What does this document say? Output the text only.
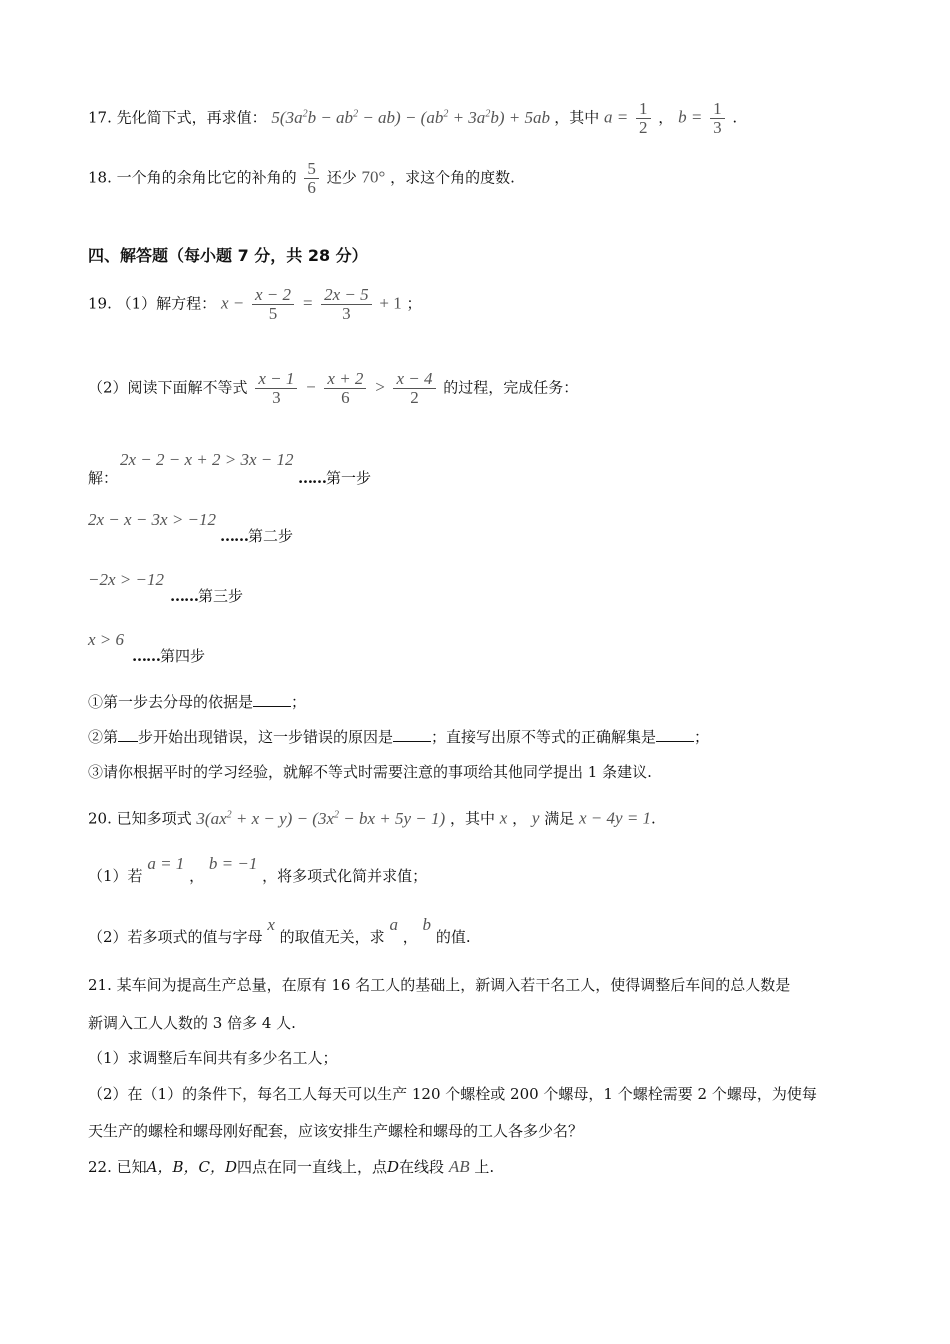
17. 先化简下式，再求值： $5(3a^2b - ab^2 - ab) - (ab^2 + 3a^2b) + 5ab$ ，其中 $a = \frac{1}{2}$ ， $b = \frac{1}{3}$ .
18. 一个角的余角比它的补角的 $\frac{5}{6}$ 还少 70° ，求这个角的度数.
四、解答题（每小题 7 分，共 28 分）
19. （1）解方程： $x - \frac{x - 2}{5} = \frac{2x - 5}{3} + 1$ ；
（2）阅读下面解不等式 $\frac{x - 1}{3} - \frac{x + 2}{6} > \frac{x - 4}{2}$ 的过程，完成任务：
解：
2x − 2 − x + 2 > 3x − 12
……第一步
2x − x − 3x > −12
……第二步
−2x > −12
……第三步
x > 6
……第四步
①第一步去分母的依据是	；
②第 步开始出现错误，这一步错误的原因是	；直接写出原不等式的正确解集是	；
③请你根据平时的学习经验，就解不等式时需要注意的事项给其他同学提出 1 条建议.
20. 已知多项式 $3(ax^2 + x - y) - (3x^2$ − bx + 5y − 1) ，其中 x ， y 满足 x − 4y = 1.
（1）若 a = 1 ， b = −1 ，将多项式化简并求值；
（2）若多项式的值与字母 x 的取值无关，求 a ， b 的值.
21. 某车间为提高生产总量，在原有 16 名工人的基础上，新调入若干名工人，使得调整后车间的总人数是
新调入工人人数的 3 倍多 4 人.
（1）求调整后车间共有多少名工人；
（2）在（1）的条件下，每名工人每天可以生产 120 个螺栓或 200 个螺母，1 个螺栓需要 2 个螺母，为使每
天生产的螺栓和螺母刚好配套，应该安排生产螺栓和螺母的工人各多少名？
22. 已知A，B，C，D四点在同一直线上，点D在线段 AB 上.
